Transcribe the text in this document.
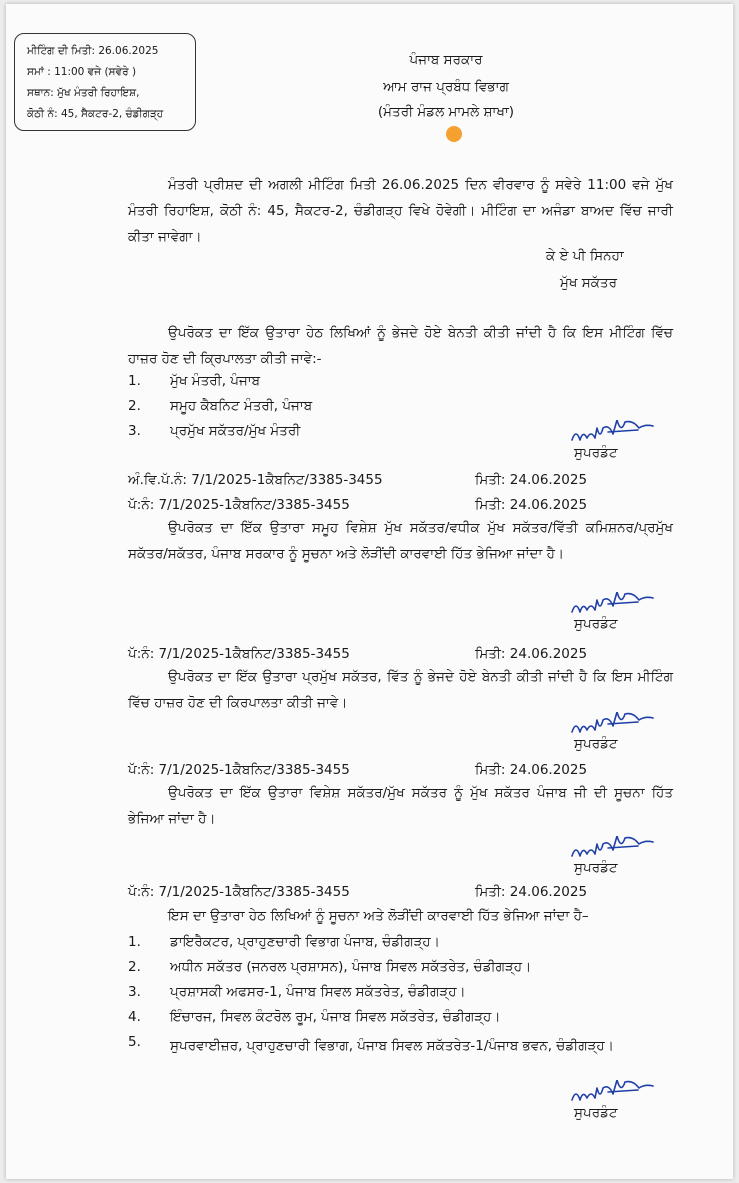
ਮੀਟਿੰਗ ਦੀ ਮਿਤੀ: 26.06.2025
ਸਮਾਂ : 11:00 ਵਜੇ (ਸਵੇਰੇ )
ਸਥਾਨ: ਮੁੱਖ ਮੰਤਰੀ ਰਿਹਾਇਸ਼,
ਕੋਠੀ ਨੰ: 45, ਸੈਕਟਰ-2, ਚੰਡੀਗੜ੍ਹ
ਪੰਜਾਬ ਸਰਕਾਰ
ਆਮ ਰਾਜ ਪ੍ਰਬੰਧ ਵਿਭਾਗ
(ਮੰਤਰੀ ਮੰਡਲ ਮਾਮਲੇ ਸ਼ਾਖਾ)
ਮੰਤਰੀ ਪ੍ਰੀਸ਼ਦ ਦੀ ਅਗਲੀ ਮੀਟਿੰਗ ਮਿਤੀ 26.06.2025 ਦਿਨ ਵੀਰਵਾਰ ਨੂੰ ਸਵੇਰੇ 11:00 ਵਜੇ ਮੁੱਖ ਮੰਤਰੀ ਰਿਹਾਇਸ਼, ਕੋਠੀ ਨੰ: 45, ਸੈਕਟਰ-2, ਚੰਡੀਗੜ੍ਹ ਵਿਖੇ ਹੋਵੇਗੀ। ਮੀਟਿੰਗ ਦਾ ਅਜੰਡਾ ਬਾਅਦ ਵਿੱਚ ਜਾਰੀ ਕੀਤਾ ਜਾਵੇਗਾ।
ਕੇ ਏ ਪੀ ਸਿਨਹਾ
ਮੁੱਖ ਸਕੱਤਰ
ਉਪਰੋਕਤ ਦਾ ਇੱਕ ਉਤਾਰਾ ਹੇਠ ਲਿਖਿਆਂ ਨੂੰ ਭੇਜਦੇ ਹੋਏ ਬੇਨਤੀ ਕੀਤੀ ਜਾਂਦੀ ਹੈ ਕਿ ਇਸ ਮੀਟਿੰਗ ਵਿੱਚ ਹਾਜ਼ਰ ਹੋਣ ਦੀ ਕ੍ਰਿਪਾਲਤਾ ਕੀਤੀ ਜਾਵੇ:-
1. ਮੁੱਖ ਮੰਤਰੀ, ਪੰਜਾਬ
2. ਸਮੂਹ ਕੈਬਨਿਟ ਮੰਤਰੀ, ਪੰਜਾਬ
3. ਪ੍ਰਮੁੱਖ ਸਕੱਤਰ/ਮੁੱਖ ਮੰਤਰੀ
ਸੁਪਰਡੰਟ
ਅੰ.ਵਿ.ਪੱ.ਨੰ: 7/1/2025-1ਕੈਬਨਿਟ/3385-3455	ਮਿਤੀ: 24.06.2025
ਪੱ:ਨੰ: 7/1/2025-1ਕੈਬਨਿਟ/3385-3455	ਮਿਤੀ: 24.06.2025
ਉਪਰੋਕਤ ਦਾ ਇੱਕ ਉਤਾਰਾ ਸਮੂਹ ਵਿਸ਼ੇਸ਼ ਮੁੱਖ ਸਕੱਤਰ/ਵਧੀਕ ਮੁੱਖ ਸਕੱਤਰ/ਵਿੱਤੀ ਕਮਿਸ਼ਨਰ/ਪ੍ਰਮੁੱਖ ਸਕੱਤਰ/ਸਕੱਤਰ, ਪੰਜਾਬ ਸਰਕਾਰ ਨੂੰ ਸੂਚਨਾ ਅਤੇ ਲੋੜੀਂਦੀ ਕਾਰਵਾਈ ਹਿੱਤ ਭੇਜਿਆ ਜਾਂਦਾ ਹੈ।
ਸੁਪਰਡੰਟ
ਪੱ:ਨੰ: 7/1/2025-1ਕੈਬਨਿਟ/3385-3455	ਮਿਤੀ: 24.06.2025
ਉਪਰੋਕਤ ਦਾ ਇੱਕ ਉਤਾਰਾ ਪ੍ਰਮੁੱਖ ਸਕੱਤਰ, ਵਿੱਤ ਨੂੰ ਭੇਜਦੇ ਹੋਏ ਬੇਨਤੀ ਕੀਤੀ ਜਾਂਦੀ ਹੈ ਕਿ ਇਸ ਮੀਟਿੰਗ ਵਿੱਚ ਹਾਜ਼ਰ ਹੋਣ ਦੀ ਕਿਰਪਾਲਤਾ ਕੀਤੀ ਜਾਵੇ।
ਸੁਪਰਡੰਟ
ਪੱ:ਨੰ: 7/1/2025-1ਕੈਬਨਿਟ/3385-3455	ਮਿਤੀ: 24.06.2025
ਉਪਰੋਕਤ ਦਾ ਇੱਕ ਉਤਾਰਾ ਵਿਸ਼ੇਸ਼ ਸਕੱਤਰ/ਮੁੱਖ ਸਕੱਤਰ ਨੂੰ ਮੁੱਖ ਸਕੱਤਰ ਪੰਜਾਬ ਜੀ ਦੀ ਸੂਚਨਾ ਹਿੱਤ ਭੇਜਿਆ ਜਾਂਦਾ ਹੈ।
ਸੁਪਰਡੰਟ
ਪੱ:ਨੰ: 7/1/2025-1ਕੈਬਨਿਟ/3385-3455	ਮਿਤੀ: 24.06.2025
ਇਸ ਦਾ ਉਤਾਰਾ ਹੇਠ ਲਿਖਿਆਂ ਨੂੰ ਸੂਚਨਾ ਅਤੇ ਲੋੜੀਂਦੀ ਕਾਰਵਾਈ ਹਿੱਤ ਭੇਜਿਆ ਜਾਂਦਾ ਹੈ–
1. ਡਾਇਰੈਕਟਰ, ਪ੍ਰਾਹੁਣਚਾਰੀ ਵਿਭਾਗ ਪੰਜਾਬ, ਚੰਡੀਗੜ੍ਹ।
2. ਅਧੀਨ ਸਕੱਤਰ (ਜਨਰਲ ਪ੍ਰਸ਼ਾਸਨ), ਪੰਜਾਬ ਸਿਵਲ ਸਕੱਤਰੇਤ, ਚੰਡੀਗੜ੍ਹ।
3. ਪ੍ਰਸ਼ਾਸਕੀ ਅਫਸਰ-1, ਪੰਜਾਬ ਸਿਵਲ ਸਕੱਤਰੇਤ, ਚੰਡੀਗੜ੍ਹ।
4. ਇੰਚਾਰਜ, ਸਿਵਲ ਕੰਟਰੋਲ ਰੂਮ, ਪੰਜਾਬ ਸਿਵਲ ਸਕੱਤਰੇਤ, ਚੰਡੀਗੜ੍ਹ।
5. ਸੁਪਰਵਾਈਜ਼ਰ, ਪ੍ਰਾਹੁਣਚਾਰੀ ਵਿਭਾਗ, ਪੰਜਾਬ ਸਿਵਲ ਸਕੱਤਰੇਤ-1/ਪੰਜਾਬ ਭਵਨ, ਚੰਡੀਗੜ੍ਹ।
ਸੁਪਰਡੰਟ
